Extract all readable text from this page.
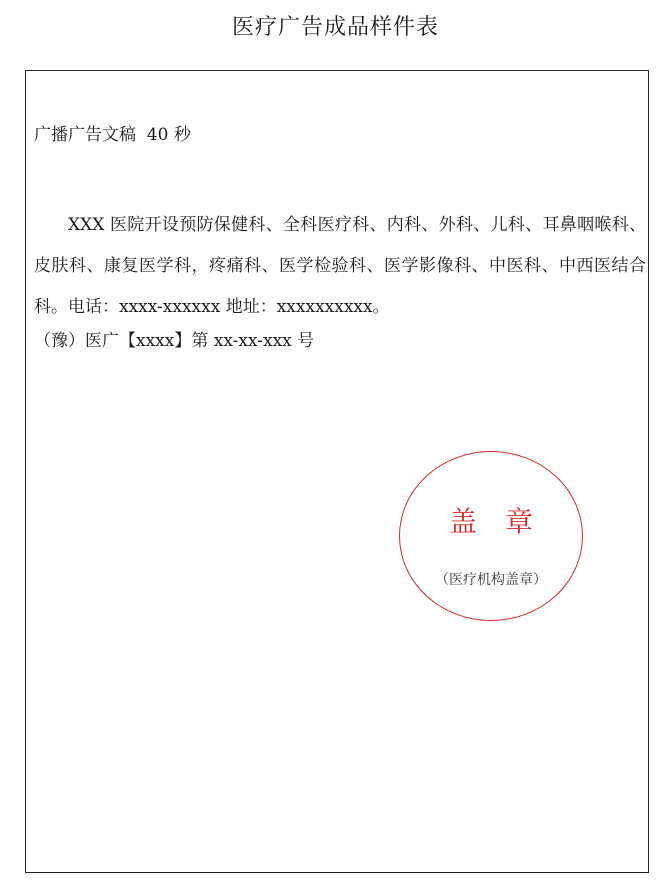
医疗广告成品样件表
广播广告文稿  40 秒
XXX 医院开设预防保健科、全科医疗科、内科、外科、儿科、耳鼻咽喉科、皮肤科、康复医学科，疼痛科、医学检验科、医学影像科、中医科、中西医结合科。电话：xxxx-xxxxxx 地址：xxxxxxxxxx。
（豫）医广【xxxx】第 xx-xx-xxx 号
盖章
（医疗机构盖章）
